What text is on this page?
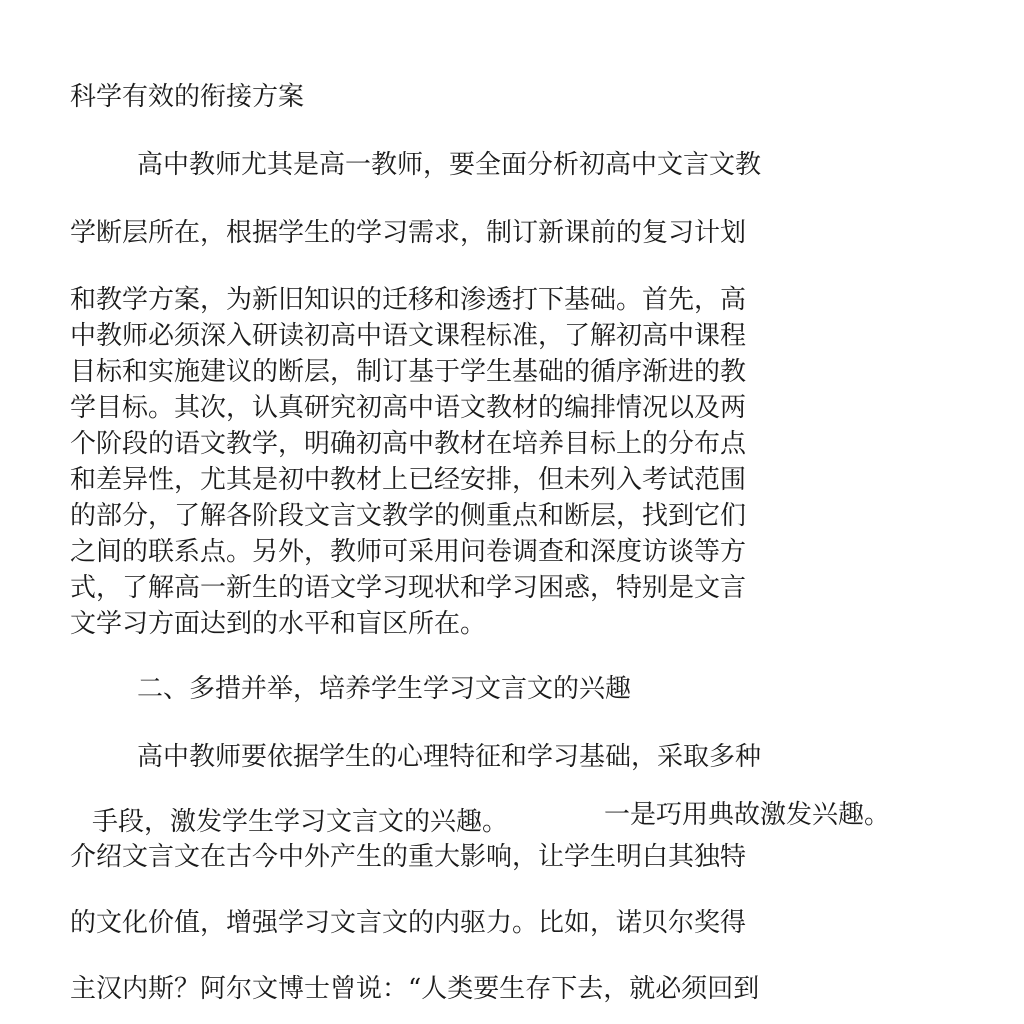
科学有效的衔接方案
高中教师尤其是高一教师，要全面分析初高中文言文教
学断层所在，根据学生的学习需求，制订新课前的复习计划
和教学方案，为新旧知识的迁移和渗透打下基础。首先，高
中教师必须深入研读初高中语文课程标准，了解初高中课程
目标和实施建议的断层，制订基于学生基础的循序渐进的教
学目标。其次，认真研究初高中语文教材的编排情况以及两
个阶段的语文教学，明确初高中教材在培养目标上的分布点
和差异性，尤其是初中教材上已经安排，但未列入考试范围
的部分，了解各阶段文言文教学的侧重点和断层，找到它们
之间的联系点。另外，教师可采用问卷调查和深度访谈等方
式，了解高一新生的语文学习现状和学习困惑，特别是文言
文学习方面达到的水平和盲区所在。
二、多措并举，培养学生学习文言文的兴趣
高中教师要依据学生的心理特征和学习基础，采取多种
手段，激发学生学习文言文的兴趣。	一是巧用典故激发兴趣。
介绍文言文在古今中外产生的重大影响，让学生明白其独特
的文化价值，增强学习文言文的内驱力。比如，诺贝尔奖得
主汉内斯？阿尔文博士曾说：“人类要生存下去，就必须回到
